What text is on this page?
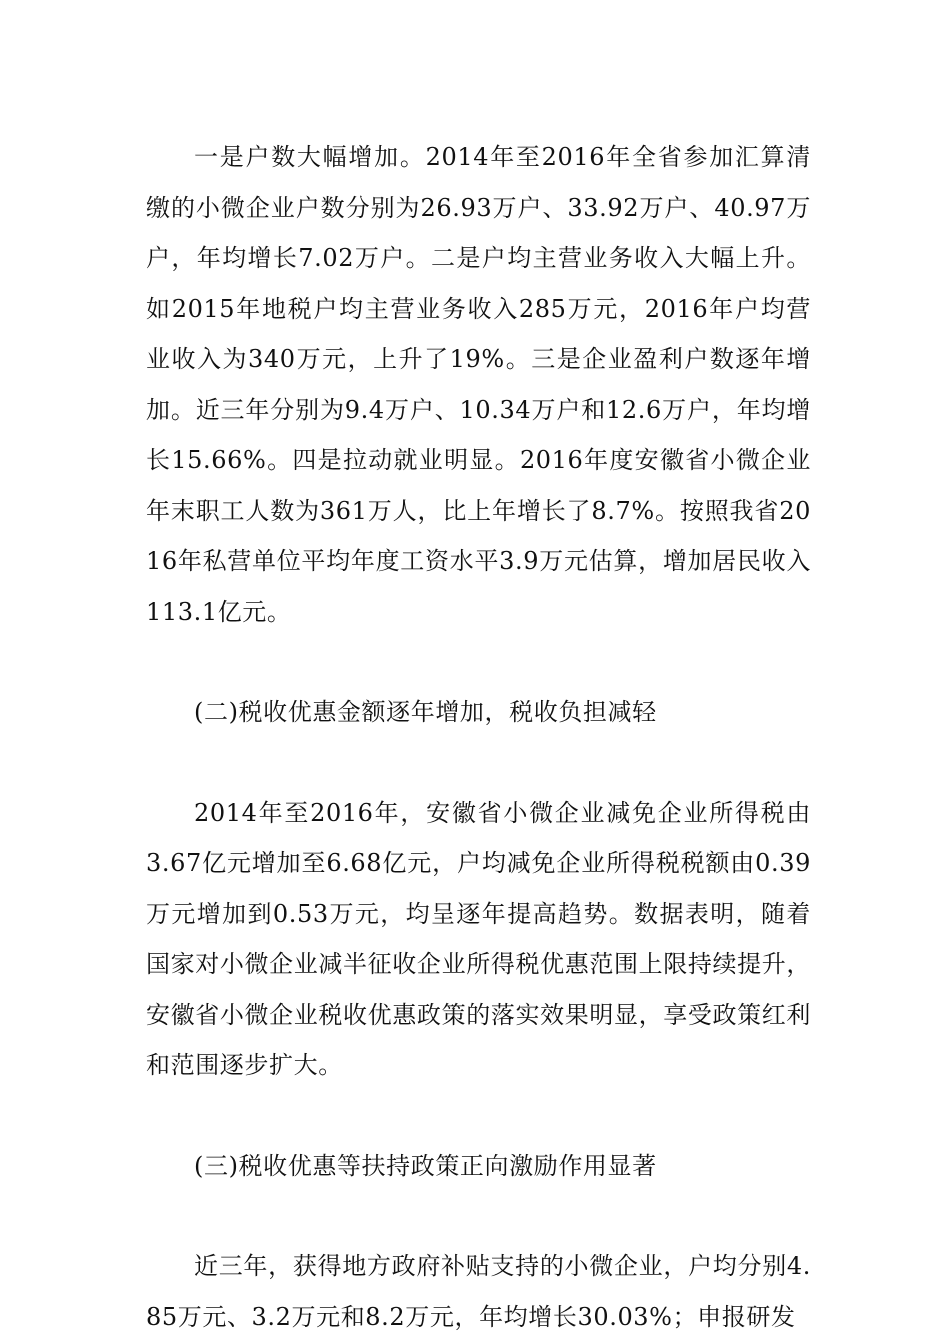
一是户数大幅增加。2014年至2016年全省参加汇算清缴的小微企业户数分别为26.93万户、33.92万户、40.97万户，年均增长7.02万户。二是户均主营业务收入大幅上升。如2015年地税户均主营业务收入285万元，2016年户均营业收入为340万元，上升了19%。三是企业盈利户数逐年增加。近三年分别为9.4万户、10.34万户和12.6万户，年均增长15.66%。四是拉动就业明显。2016年度安徽省小微企业年末职工人数为361万人，比上年增长了8.7%。按照我省2016年私营单位平均年度工资水平3.9万元估算，增加居民收入113.1亿元。

(二)税收优惠金额逐年增加，税收负担减轻

2014年至2016年，安徽省小微企业减免企业所得税由3.67亿元增加至6.68亿元，户均减免企业所得税税额由0.39万元增加到0.53万元，均呈逐年提高趋势。数据表明，随着国家对小微企业减半征收企业所得税优惠范围上限持续提升，安徽省小微企业税收优惠政策的落实效果明显，享受政策红利和范围逐步扩大。

(三)税收优惠等扶持政策正向激励作用显著

近三年，获得地方政府补贴支持的小微企业，户均分别4.85万元、3.2万元和8.2万元，年均增长30.03%；申报研发
